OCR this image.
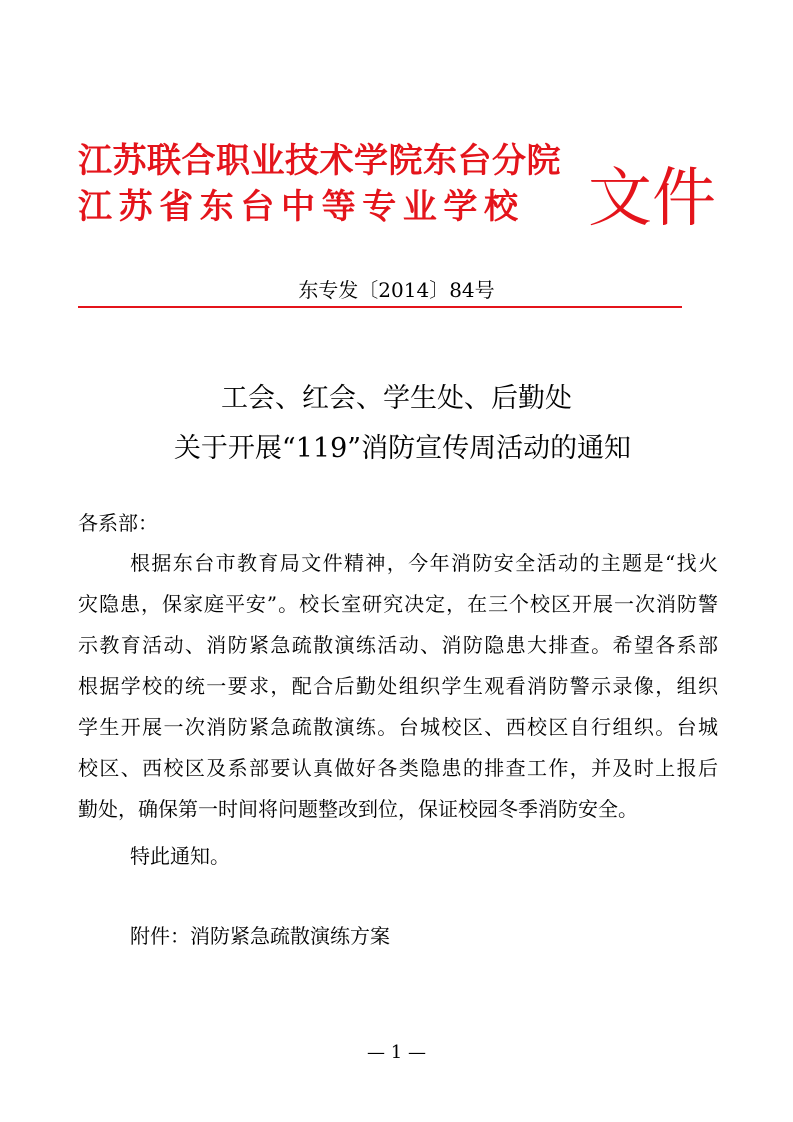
江苏联合职业技术学院东台分院
江苏省东台中等专业学校 文件
东专发〔2014〕84号
工会、红会、学生处、后勤处
关于开展“119”消防宣传周活动的通知
各系部：
根据东台市教育局文件精神，今年消防安全活动的主题是“找火
灾隐患，保家庭平安”。校长室研究决定，在三个校区开展一次消防警
示教育活动、消防紧急疏散演练活动、消防隐患大排查。希望各系部
根据学校的统一要求，配合后勤处组织学生观看消防警示录像，组织
学生开展一次消防紧急疏散演练。台城校区、西校区自行组织。台城
校区、西校区及系部要认真做好各类隐患的排查工作，并及时上报后
勤处，确保第一时间将问题整改到位，保证校园冬季消防安全。
特此通知。
附件：消防紧急疏散演练方案
— 1 —
